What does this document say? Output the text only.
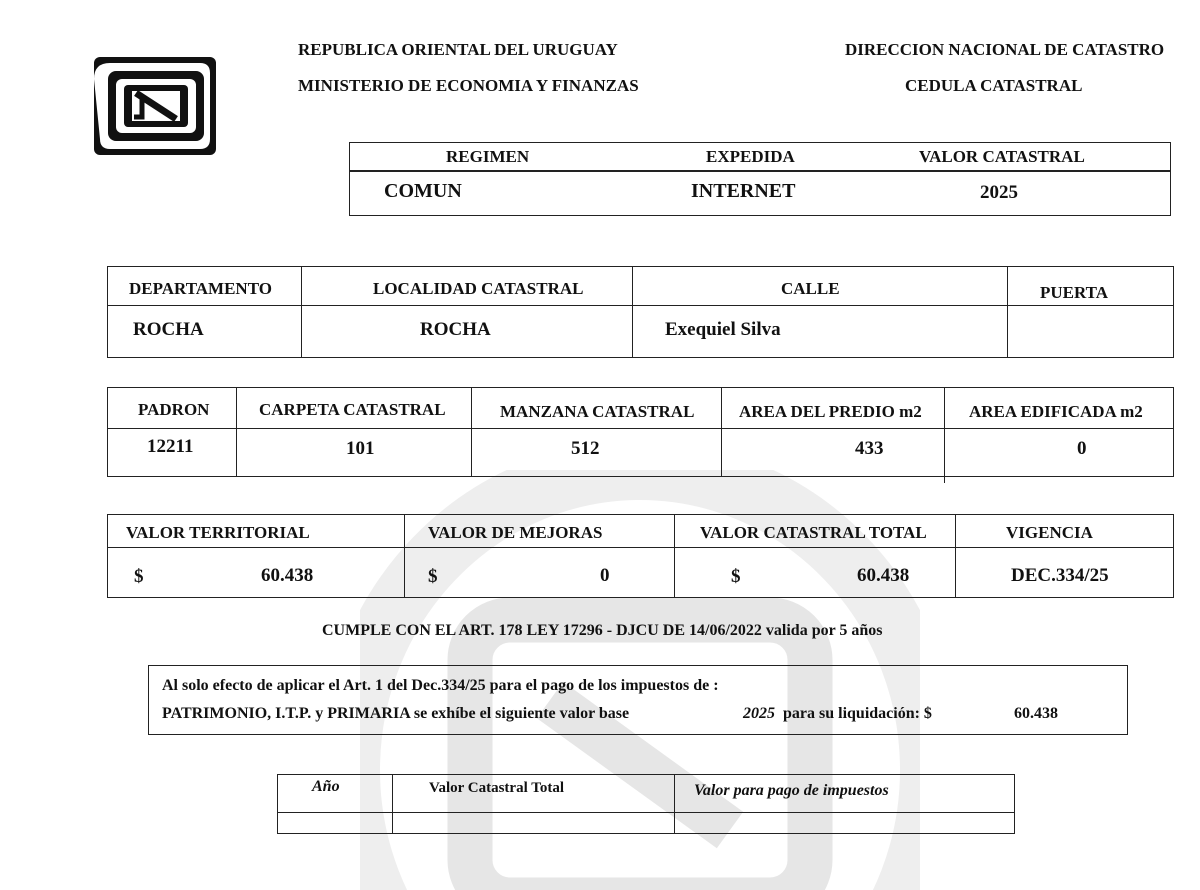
REPUBLICA ORIENTAL DEL URUGUAY
MINISTERIO DE ECONOMIA Y FINANZAS
DIRECCION NACIONAL DE CATASTRO
CEDULA CATASTRAL
REGIMEN	EXPEDIDA	VALOR CATASTRAL
COMUN	INTERNET	2025
DEPARTAMENTO	LOCALIDAD CATASTRAL	CALLE	PUERTA
ROCHA	ROCHA	Exequiel Silva
PADRON	CARPETA CATASTRAL	MANZANA CATASTRAL	AREA DEL PREDIO m2	AREA EDIFICADA m2
12211	101	512	433	0
VALOR TERRITORIAL	VALOR DE MEJORAS	VALOR CATASTRAL TOTAL	VIGENCIA
$	60.438	$	0	$	60.438	DEC.334/25
CUMPLE CON EL ART. 178 LEY 17296 - DJCU DE 14/06/2022 valida por 5 años
Al solo efecto de aplicar el Art. 1 del Dec.334/25 para el pago de los impuestos de :
PATRIMONIO, I.T.P. y PRIMARIA se exhíbe el siguiente valor base	2025 para su liquidación: $	60.438
Año	Valor Catastral Total	Valor para pago de impuestos
